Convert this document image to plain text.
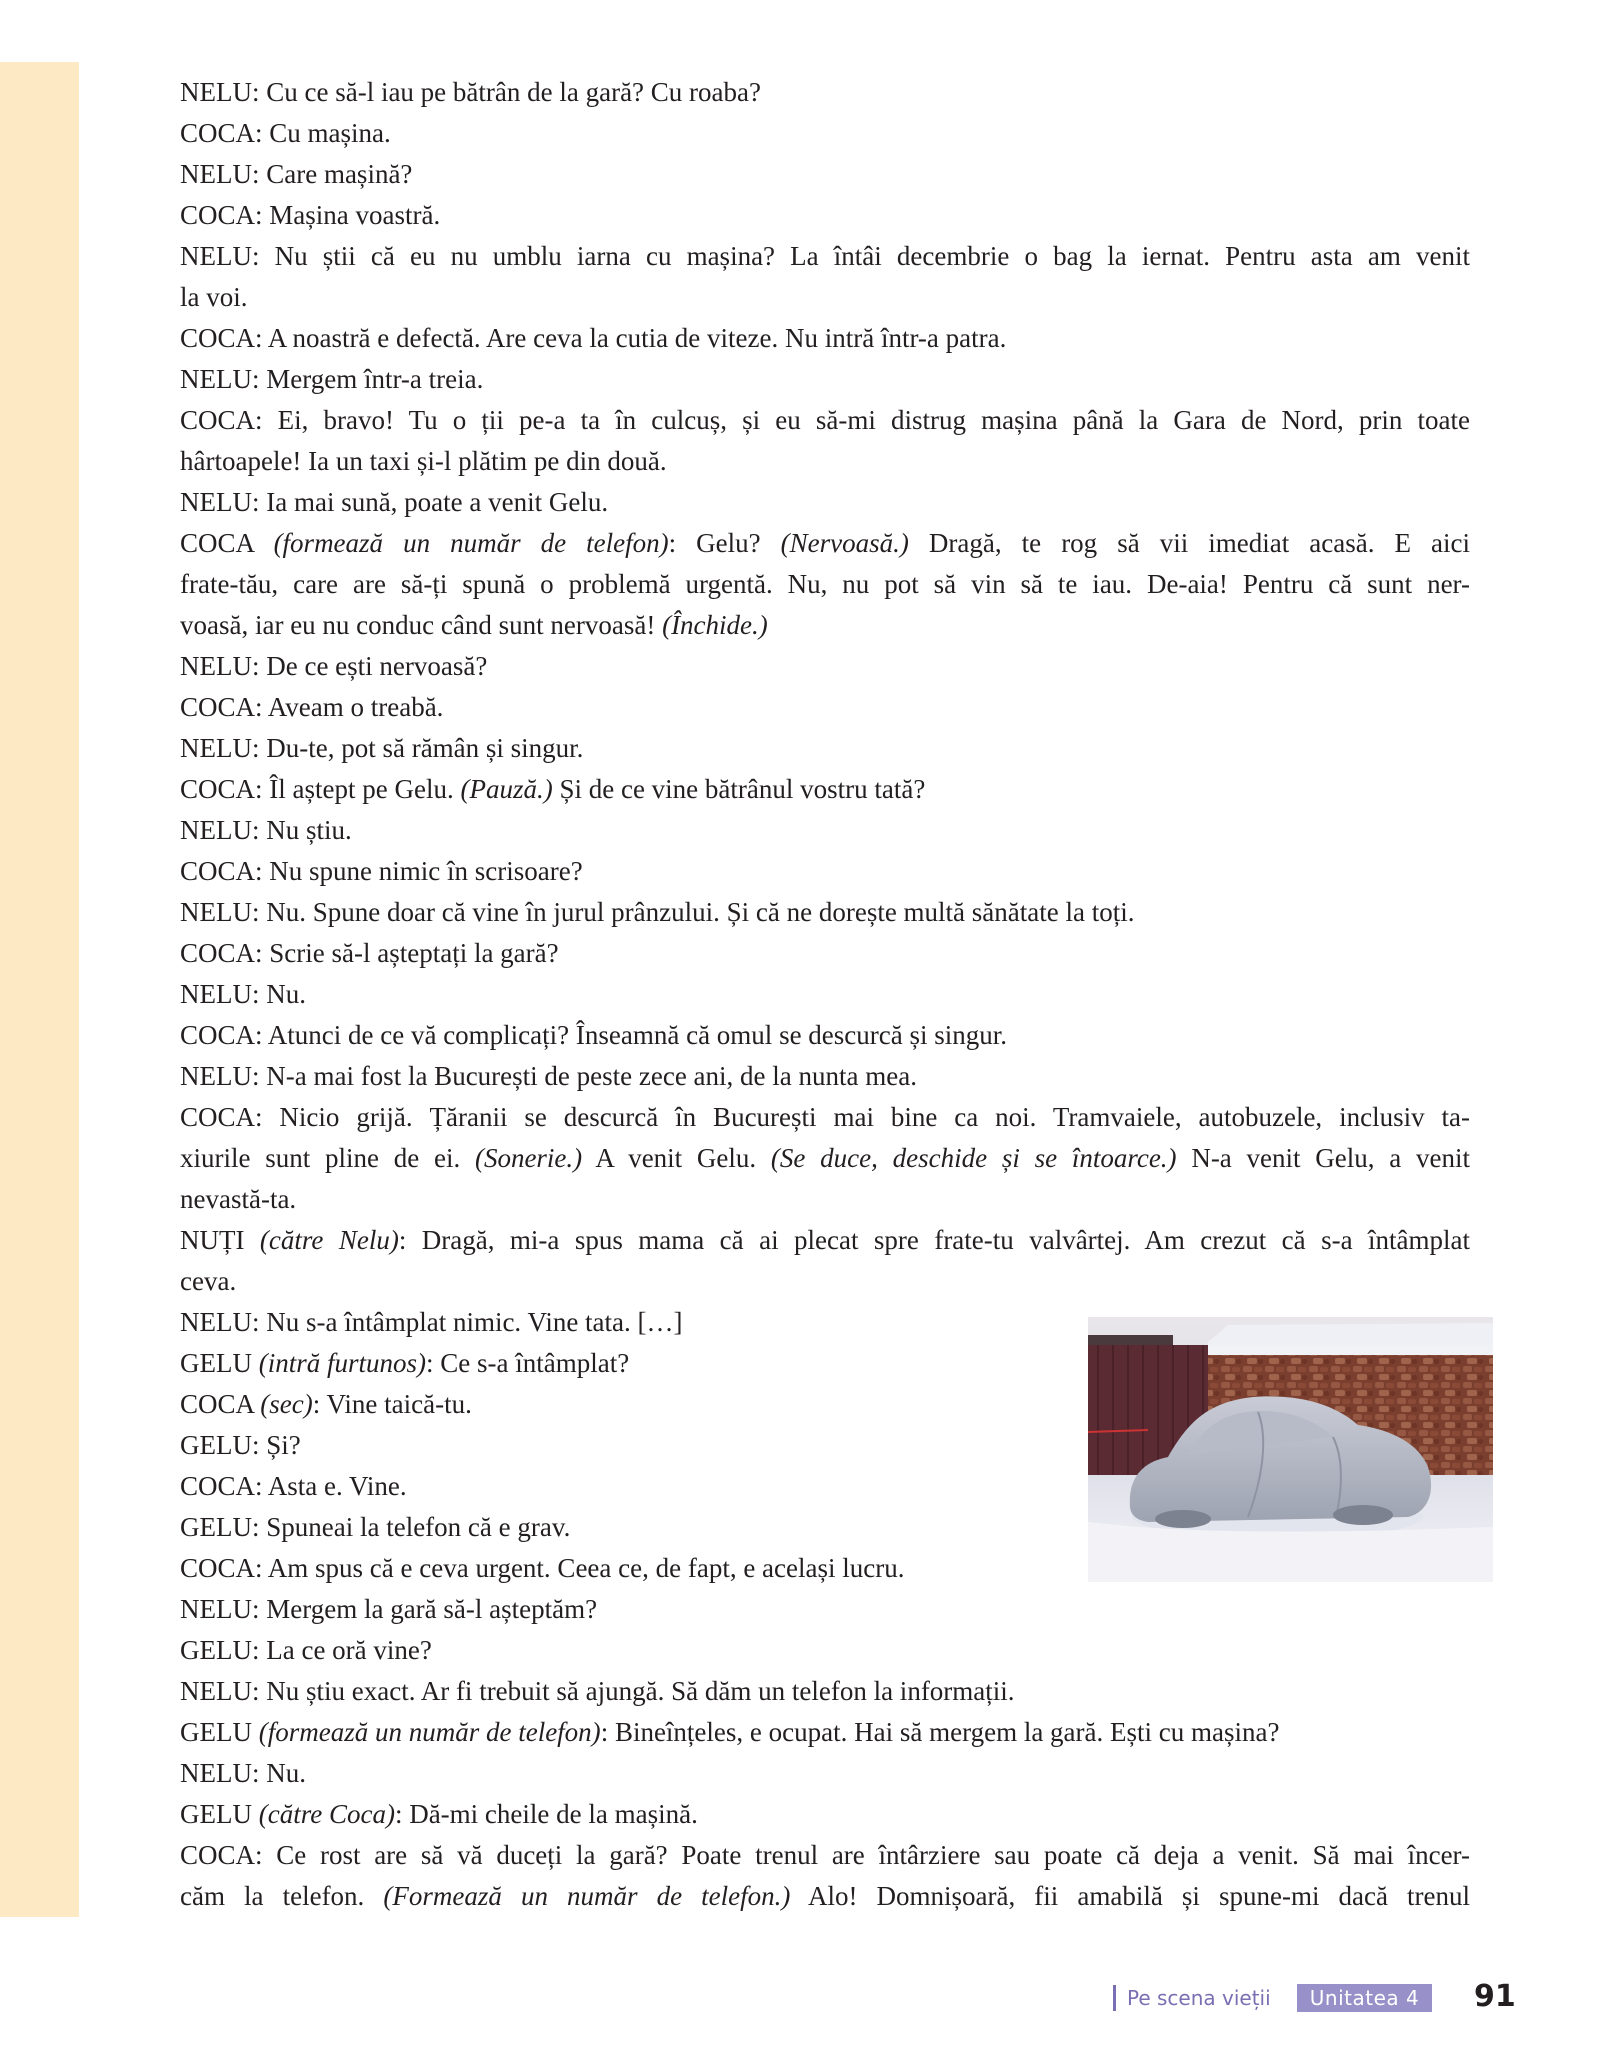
NELU: Cu ce să-l iau pe bătrân de la gară? Cu roaba?
COCA: Cu mașina.
NELU: Care mașină?
COCA: Mașina voastră.
NELU: Nu știi că eu nu umblu iarna cu mașina? La întâi decembrie o bag la iernat. Pentru asta am venit
la voi.
COCA: A noastră e defectă. Are ceva la cutia de viteze. Nu intră într-a patra.
NELU: Mergem într-a treia.
COCA: Ei, bravo! Tu o ții pe-a ta în culcuș, și eu să-mi distrug mașina până la Gara de Nord, prin toate
hârtoapele! Ia un taxi și-l plătim pe din două.
NELU: Ia mai sună, poate a venit Gelu.
COCA (formează un număr de telefon): Gelu? (Nervoasă.) Dragă, te rog să vii imediat acasă. E aici
frate-tău, care are să-ți spună o problemă urgentă. Nu, nu pot să vin să te iau. De-aia! Pentru că sunt ner-
voasă, iar eu nu conduc când sunt nervoasă! (Închide.)
NELU: De ce ești nervoasă?
COCA: Aveam o treabă.
NELU: Du-te, pot să rămân și singur.
COCA: Îl aștept pe Gelu. (Pauză.) Și de ce vine bătrânul vostru tată?
NELU: Nu știu.
COCA: Nu spune nimic în scrisoare?
NELU: Nu. Spune doar că vine în jurul prânzului. Și că ne dorește multă sănătate la toți.
COCA: Scrie să-l așteptați la gară?
NELU: Nu.
COCA: Atunci de ce vă complicați? Înseamnă că omul se descurcă și singur.
NELU: N-a mai fost la București de peste zece ani, de la nunta mea.
COCA: Nicio grijă. Țăranii se descurcă în București mai bine ca noi. Tramvaiele, autobuzele, inclusiv ta-
xiurile sunt pline de ei. (Sonerie.) A venit Gelu. (Se duce, deschide și se întoarce.) N-a venit Gelu, a venit
nevastă-ta.
NUȚI (către Nelu): Dragă, mi-a spus mama că ai plecat spre frate-tu valvârtej. Am crezut că s-a întâmplat
ceva.
NELU: Nu s-a întâmplat nimic. Vine tata. […]
GELU (intră furtunos): Ce s-a întâmplat?
COCA (sec): Vine taică-tu.
GELU: Și?
COCA: Asta e. Vine.
GELU: Spuneai la telefon că e grav.
COCA: Am spus că e ceva urgent. Ceea ce, de fapt, e același lucru.
NELU: Mergem la gară să-l așteptăm?
GELU: La ce oră vine?
NELU: Nu știu exact. Ar fi trebuit să ajungă. Să dăm un telefon la informații.
GELU (formează un număr de telefon): Bineînțeles, e ocupat. Hai să mergem la gară. Ești cu mașina?
NELU: Nu.
GELU (către Coca): Dă-mi cheile de la mașină.
COCA: Ce rost are să vă duceți la gară? Poate trenul are întârziere sau poate că deja a venit. Să mai încer-
căm la telefon. (Formează un număr de telefon.) Alo! Domnișoară, fii amabilă și spune-mi dacă trenul
Pe scena vieții	Unitatea 4	91
